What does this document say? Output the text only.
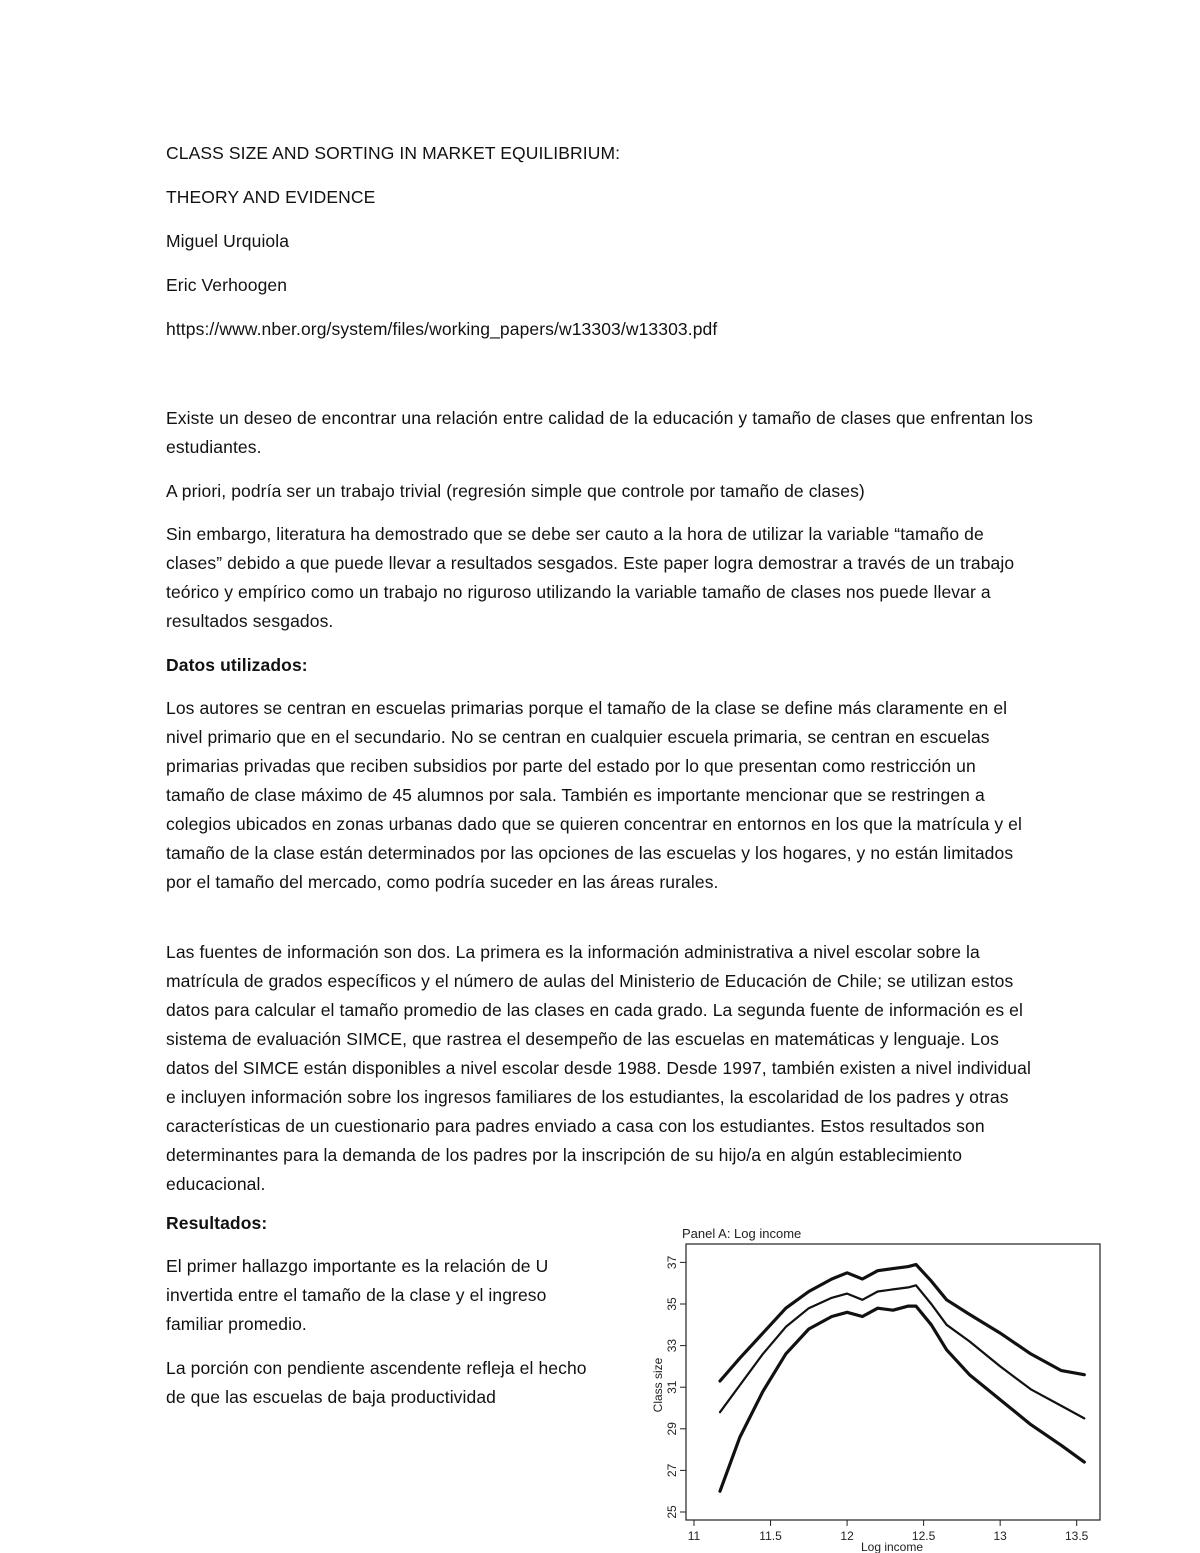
CLASS SIZE AND SORTING IN MARKET EQUILIBRIUM:
THEORY AND EVIDENCE
Miguel Urquiola
Eric Verhoogen
https://www.nber.org/system/files/working_papers/w13303/w13303.pdf
Existe un deseo de encontrar una relación entre calidad de la educación y tamaño de clases que enfrentan los estudiantes.
A priori, podría ser un trabajo trivial (regresión simple que controle por tamaño de clases)
Sin embargo, literatura ha demostrado que se debe ser cauto a la hora de utilizar la variable “tamaño de clases” debido a que puede llevar a resultados sesgados. Este paper logra demostrar a través de un trabajo teórico y empírico como un trabajo no riguroso utilizando la variable tamaño de clases nos puede llevar a resultados sesgados.
Datos utilizados:
Los autores se centran en escuelas primarias porque el tamaño de la clase se define más claramente en el nivel primario que en el secundario. No se centran en cualquier escuela primaria, se centran en escuelas primarias privadas que reciben subsidios por parte del estado por lo que presentan como restricción un tamaño de clase máximo de 45 alumnos por sala. También es importante mencionar que se restringen a colegios ubicados en zonas urbanas dado que se quieren concentrar en entornos en los que la matrícula y el tamaño de la clase están determinados por las opciones de las escuelas y los hogares, y no están limitados por el tamaño del mercado, como podría suceder en las áreas rurales.
Las fuentes de información son dos. La primera es la información administrativa a nivel escolar sobre la matrícula de grados específicos y el número de aulas del Ministerio de Educación de Chile; se utilizan estos datos para calcular el tamaño promedio de las clases en cada grado. La segunda fuente de información es el sistema de evaluación SIMCE, que rastrea el desempeño de las escuelas en matemáticas y lenguaje. Los datos del SIMCE están disponibles a nivel escolar desde 1988. Desde 1997, también existen a nivel individual e incluyen información sobre los ingresos familiares de los estudiantes, la escolaridad de los padres y otras características de un cuestionario para padres enviado a casa con los estudiantes. Estos resultados son determinantes para la demanda de los padres por la inscripción de su hijo/a en algún establecimiento educacional.
Resultados:
El primer hallazgo importante es la relación de U invertida entre el tamaño de la clase y el ingreso familiar promedio.
La porción con pendiente ascendente refleja el hecho de que las escuelas de baja productividad
Panel A: Log income
11	11.5	12	12.5	13	13.5
25
27
29
31
33
35
37
Log income
Class size
